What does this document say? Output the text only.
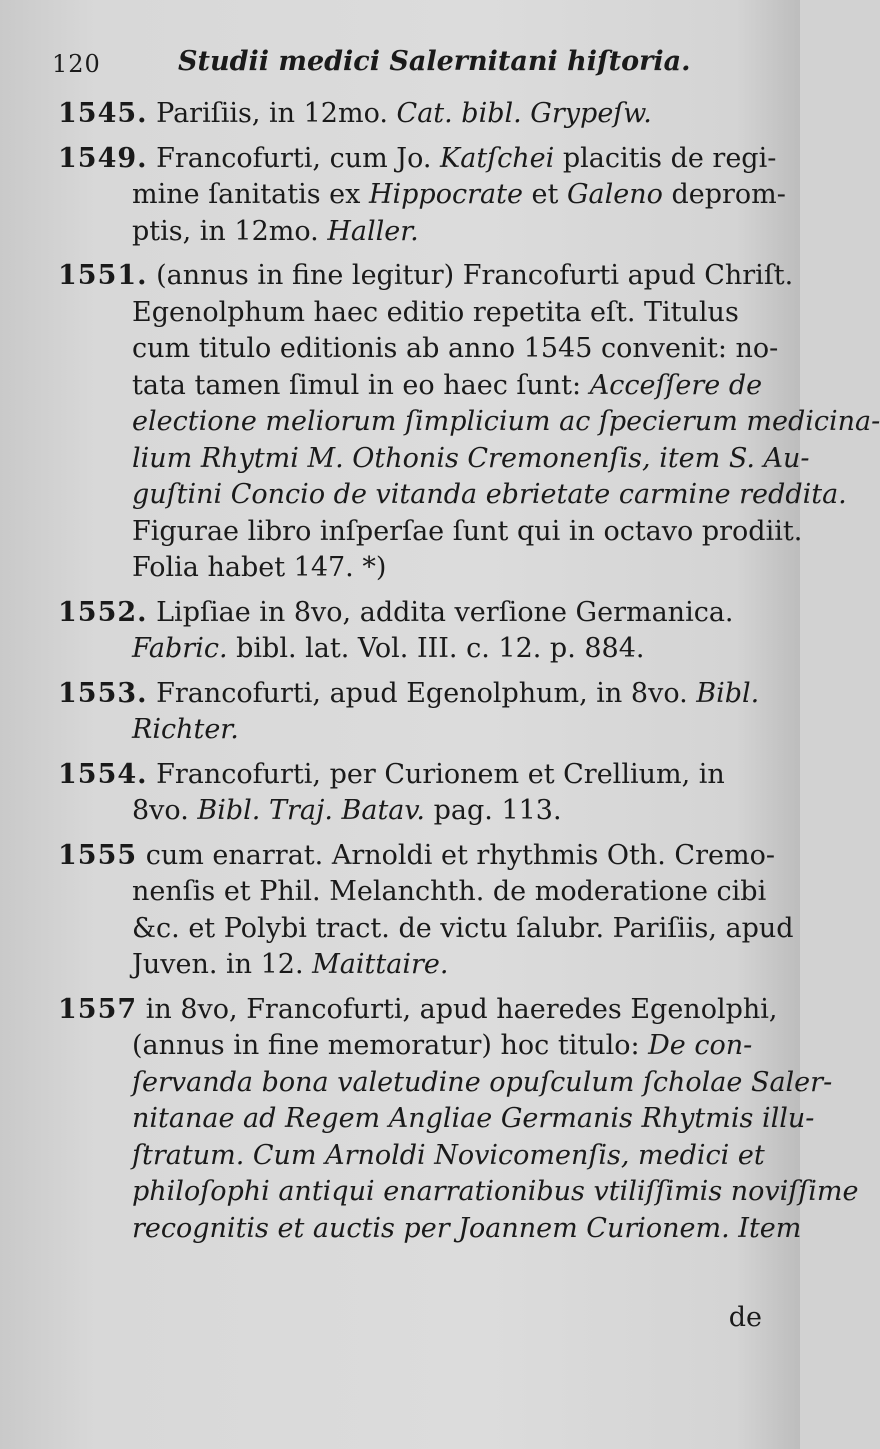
120	Studii medici Salernitani hiſtoria.
1545. Pariſiis, in 12mo. Cat. bibl. Grypeſw.
1549. Francofurti, cum Jo. Katſchei placitis de regi-
mine ſanitatis ex Hippocrate et Galeno deprom-
ptis, in 12mo. Haller.
1551. (annus in fine legitur) Francofurti apud Chriſt.
Egenolphum haec editio repetita eſt. Titulus
cum titulo editionis ab anno 1545 convenit: no-
tata tamen ſimul in eo haec ſunt: Acceſſere de
electione meliorum ſimplicium ac ſpecierum medicina-
lium Rhytmi M. Othonis Cremonenſis, item S. Au-
guſtini Concio de vitanda ebrietate carmine reddita.
Figurae libro inſperſae ſunt qui in octavo prodiit.
Folia habet 147. *)
1552. Lipſiae in 8vo, addita verſione Germanica.
Fabric. bibl. lat. Vol. III. c. 12. p. 884.
1553. Francofurti, apud Egenolphum, in 8vo. Bibl.
Richter.
1554. Francofurti, per Curionem et Crellium, in
8vo. Bibl. Traj. Batav. pag. 113.
1555 cum enarrat. Arnoldi et rhythmis Oth. Cremo-
nenſis et Phil. Melanchth. de moderatione cibi
&c. et Polybi tract. de victu ſalubr. Pariſiis, apud
Juven. in 12. Maittaire.
1557 in 8vo, Francofurti, apud haeredes Egenolphi,
(annus in fine memoratur) hoc titulo: De con-
ſervanda bona valetudine opuſculum ſcholae Saler-
nitanae ad Regem Angliae Germanis Rhytmis illu-
ſtratum. Cum Arnoldi Novicomenſis, medici et
philoſophi antiqui enarrationibus vtiliſſimis noviſſime
recognitis et auctis per Joannem Curionem. Item
de
